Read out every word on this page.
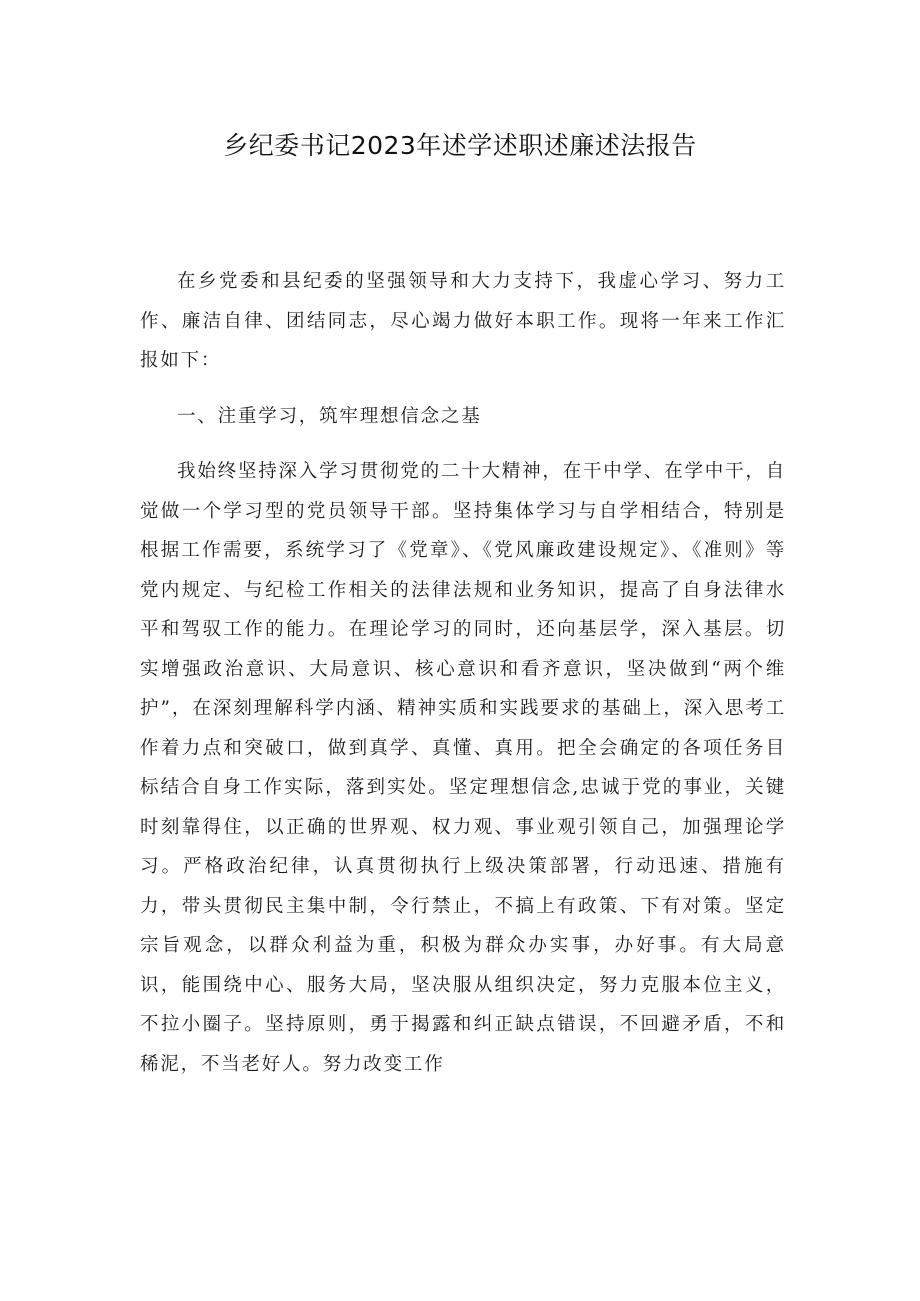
乡纪委书记2023年述学述职述廉述法报告

在乡党委和县纪委的坚强领导和大力支持下，我虚心学习、努力工作、廉洁自律、团结同志，尽心竭力做好本职工作。现将一年来工作汇报如下：

一、注重学习，筑牢理想信念之基

我始终坚持深入学习贯彻党的二十大精神，在干中学、在学中干，自觉做一个学习型的党员领导干部。坚持集体学习与自学相结合，特别是根据工作需要，系统学习了《党章》、《党风廉政建设规定》、《准则》等党内规定、与纪检工作相关的法律法规和业务知识，提高了自身法律水平和驾驭工作的能力。在理论学习的同时，还向基层学，深入基层。切实增强政治意识、大局意识、核心意识和看齐意识，坚决做到“两个维护”，在深刻理解科学内涵、精神实质和实践要求的基础上，深入思考工作着力点和突破口，做到真学、真懂、真用。把全会确定的各项任务目标结合自身工作实际，落到实处。坚定理想信念,忠诚于党的事业，关键时刻靠得住，以正确的世界观、权力观、事业观引领自己，加强理论学习。严格政治纪律，认真贯彻执行上级决策部署，行动迅速、措施有力，带头贯彻民主集中制，令行禁止，不搞上有政策、下有对策。坚定宗旨观念，以群众利益为重，积极为群众办实事，办好事。有大局意识，能围绕中心、服务大局，坚决服从组织决定，努力克服本位主义，不拉小圈子。坚持原则，勇于揭露和纠正缺点错误，不回避矛盾，不和稀泥，不当老好人。努力改变工作
